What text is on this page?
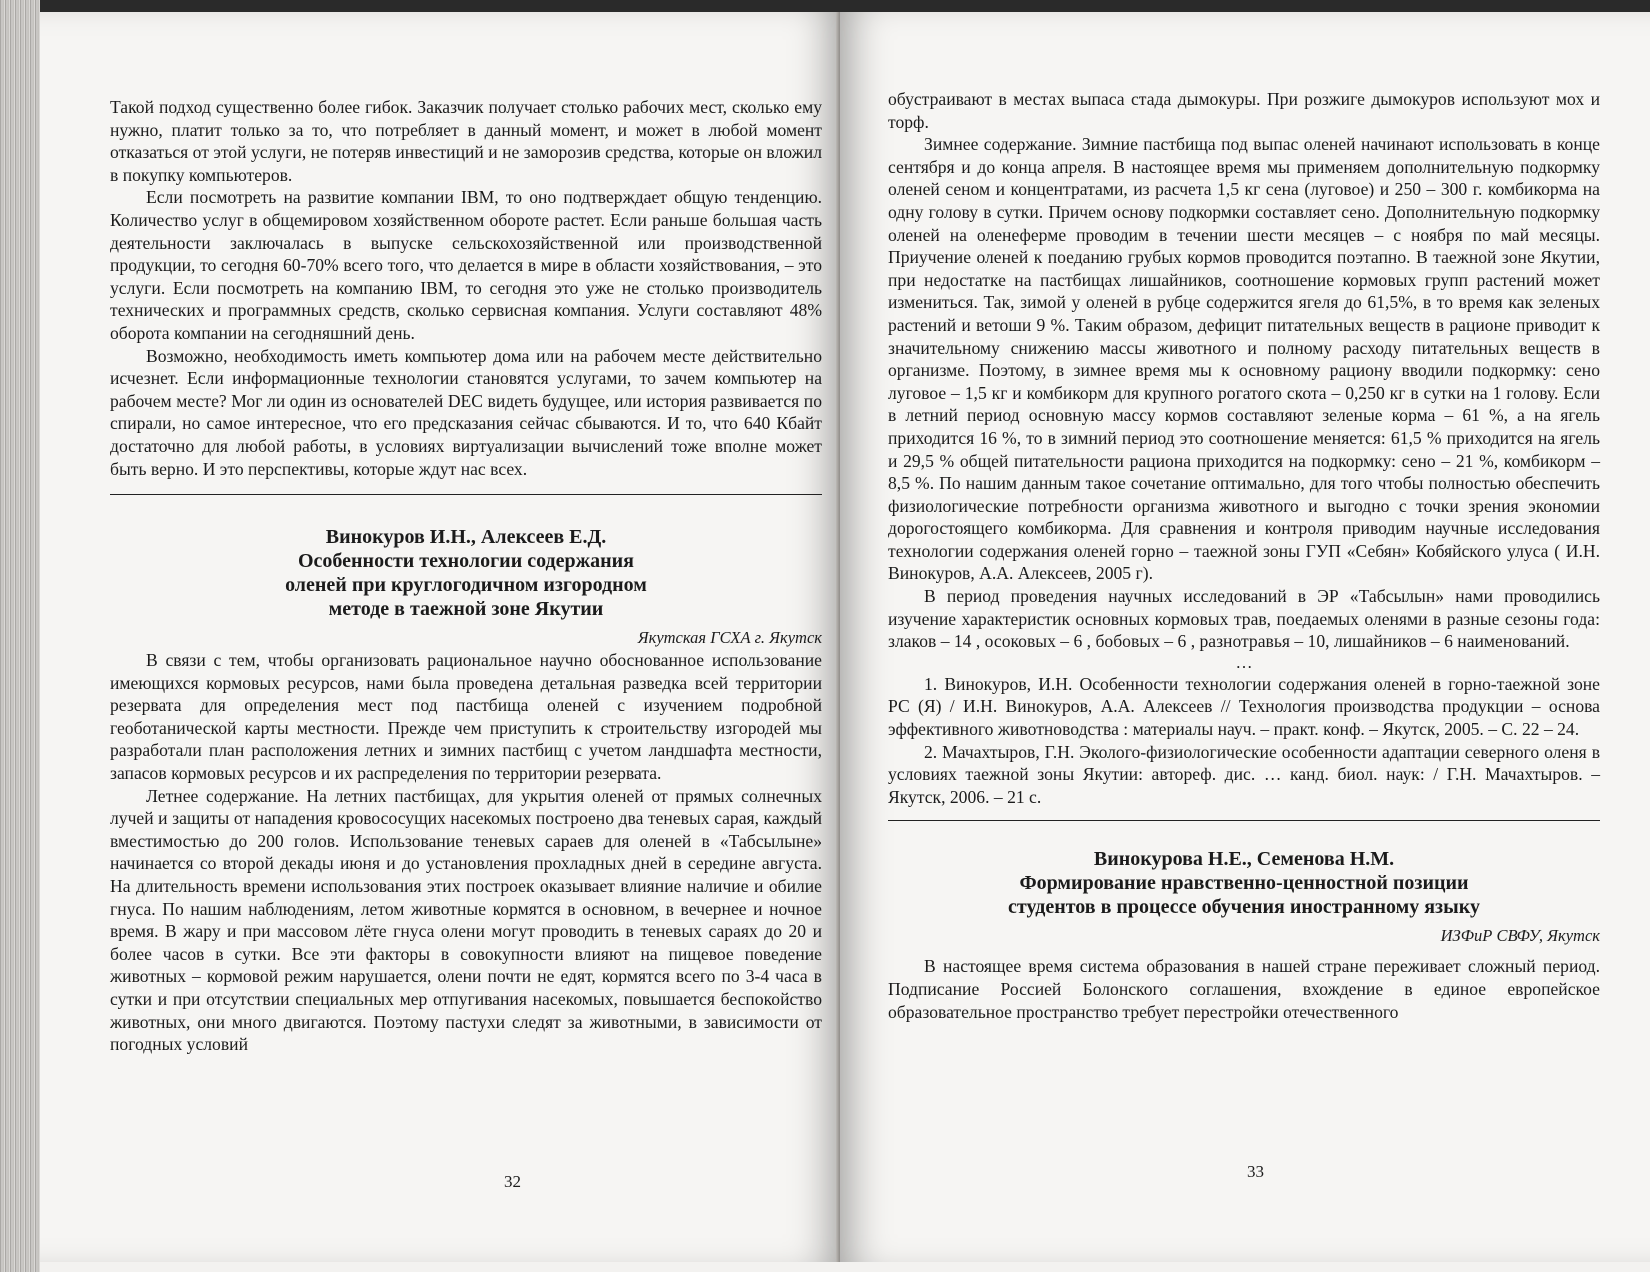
Такой подход существенно более гибок. Заказчик получает столько рабочих мест, сколько ему нужно, платит только за то, что потребляет в данный момент, и может в любой момент отказаться от этой услуги, не потеряв инвестиций и не заморозив средства, которые он вложил в покупку компьютеров.

Если посмотреть на развитие компании IBM, то оно подтверждает общую тенденцию. Количество услуг в общемировом хозяйственном обороте растет. Если раньше большая часть деятельности заключалась в выпуске сельскохозяйственной или производственной продукции, то сегодня 60-70% всего того, что делается в мире в области хозяйствования, – это услуги. Если посмотреть на компанию IBM, то сегодня это уже не столько производитель технических и программных средств, сколько сервисная компания. Услуги составляют 48% оборота компании на сегодняшний день.

Возможно, необходимость иметь компьютер дома или на рабочем месте действительно исчезнет. Если информационные технологии становятся услугами, то зачем компьютер на рабочем месте? Мог ли один из основателей DEC видеть будущее, или история развивается по спирали, но самое интересное, что его предсказания сейчас сбываются. И то, что 640 Кбайт достаточно для любой работы, в условиях виртуализации вычислений тоже вполне может быть верно. И это перспективы, которые ждут нас всех.

Винокуров И.Н., Алексеев Е.Д.
Особенности технологии содержания
оленей при круглогодичном изгородном
методе в таежной зоне Якутии
Якутская ГСХА г. Якутск

В связи с тем, чтобы организовать рациональное научно обоснованное использование имеющихся кормовых ресурсов, нами была проведена детальная разведка всей территории резервата для определения мест под пастбища оленей с изучением подробной геоботанической карты местности. Прежде чем приступить к строительству изгородей мы разработали план расположения летних и зимних пастбищ с учетом ландшафта местности, запасов кормовых ресурсов и их распределения по территории резервата.

Летнее содержание. На летних пастбищах, для укрытия оленей от прямых солнечных лучей и защиты от нападения кровососущих насекомых построено два теневых сарая, каждый вместимостью до 200 голов. Использование теневых сараев для оленей в «Табсылыне» начинается со второй декады июня и до установления прохладных дней в середине августа. На длительность времени использования этих построек оказывает влияние наличие и обилие гнуса. По нашим наблюдениям, летом животные кормятся в основном, в вечернее и ночное время. В жару и при массовом лёте гнуса олени могут проводить в теневых сараях до 20 и более часов в сутки. Все эти факторы в совокупности влияют на пищевое поведение животных – кормовой режим нарушается, олени почти не едят, кормятся всего по 3-4 часа в сутки и при отсутствии специальных мер отпугивания насекомых, повышается беспокойство животных, они много двигаются. Поэтому пастухи следят за животными, в зависимости от погодных условий

32

обустраивают в местах выпаса стада дымокуры. При розжиге дымокуров используют мох и торф.

Зимнее содержание. Зимние пастбища под выпас оленей начинают использовать в конце сентября и до конца апреля. В настоящее время мы применяем дополнительную подкормку оленей сеном и концентратами, из расчета 1,5 кг сена (луговое) и 250 – 300 г. комбикорма на одну голову в сутки. Причем основу подкормки составляет сено. Дополнительную подкормку оленей на оленеферме проводим в течении шести месяцев – с ноября по май месяцы. Приучение оленей к поеданию грубых кормов проводится поэтапно. В таежной зоне Якутии, при недостатке на пастбищах лишайников, соотношение кормовых групп растений может измениться. Так, зимой у оленей в рубце содержится ягеля до 61,5%, в то время как зеленых растений и ветоши 9 %. Таким образом, дефицит питательных веществ в рационе приводит к значительному снижению массы животного и полному расходу питательных веществ в организме. Поэтому, в зимнее время мы к основному рациону вводили подкормку: сено луговое – 1,5 кг и комбикорм для крупного рогатого скота – 0,250 кг в сутки на 1 голову. Если в летний период основную массу кормов составляют зеленые корма – 61 %, а на ягель приходится 16 %, то в зимний период это соотношение меняется: 61,5 % приходится на ягель и 29,5 % общей питательности рациона приходится на подкормку: сено – 21 %, комбикорм – 8,5 %. По нашим данным такое сочетание оптимально, для того чтобы полностью обеспечить физиологические потребности организма животного и выгодно с точки зрения экономии дорогостоящего комбикорма. Для сравнения и контроля приводим научные исследования технологии содержания оленей горно – таежной зоны ГУП «Себян» Кобяйского улуса ( И.Н. Винокуров, А.А. Алексеев, 2005 г).

В период проведения научных исследований в ЭР «Табсылын» нами проводились изучение характеристик основных кормовых трав, поедаемых оленями в разные сезоны года: злаков – 14 , осоковых – 6 , бобовых – 6 , разнотравья – 10, лишайников – 6 наименований.

…

1. Винокуров, И.Н. Особенности технологии содержания оленей в горно-таежной зоне РС (Я) / И.Н. Винокуров, А.А. Алексеев // Технология производства продукции – основа эффективного животноводства : материалы науч. – практ. конф. – Якутск, 2005. – С. 22 – 24.

2. Мачахтыров, Г.Н. Эколого-физиологические особенности адаптации северного оленя в условиях таежной зоны Якутии: автореф. дис. … канд. биол. наук: / Г.Н. Мачахтыров. – Якутск, 2006. – 21 с.

Винокурова Н.Е., Семенова Н.М.
Формирование нравственно-ценностной позиции
студентов в процессе обучения иностранному языку
ИЗФиР СВФУ, Якутск

В настоящее время система образования в нашей стране переживает сложный период. Подписание Россией Болонского соглашения, вхождение в единое европейское образовательное пространство требует перестройки отечественного

33
